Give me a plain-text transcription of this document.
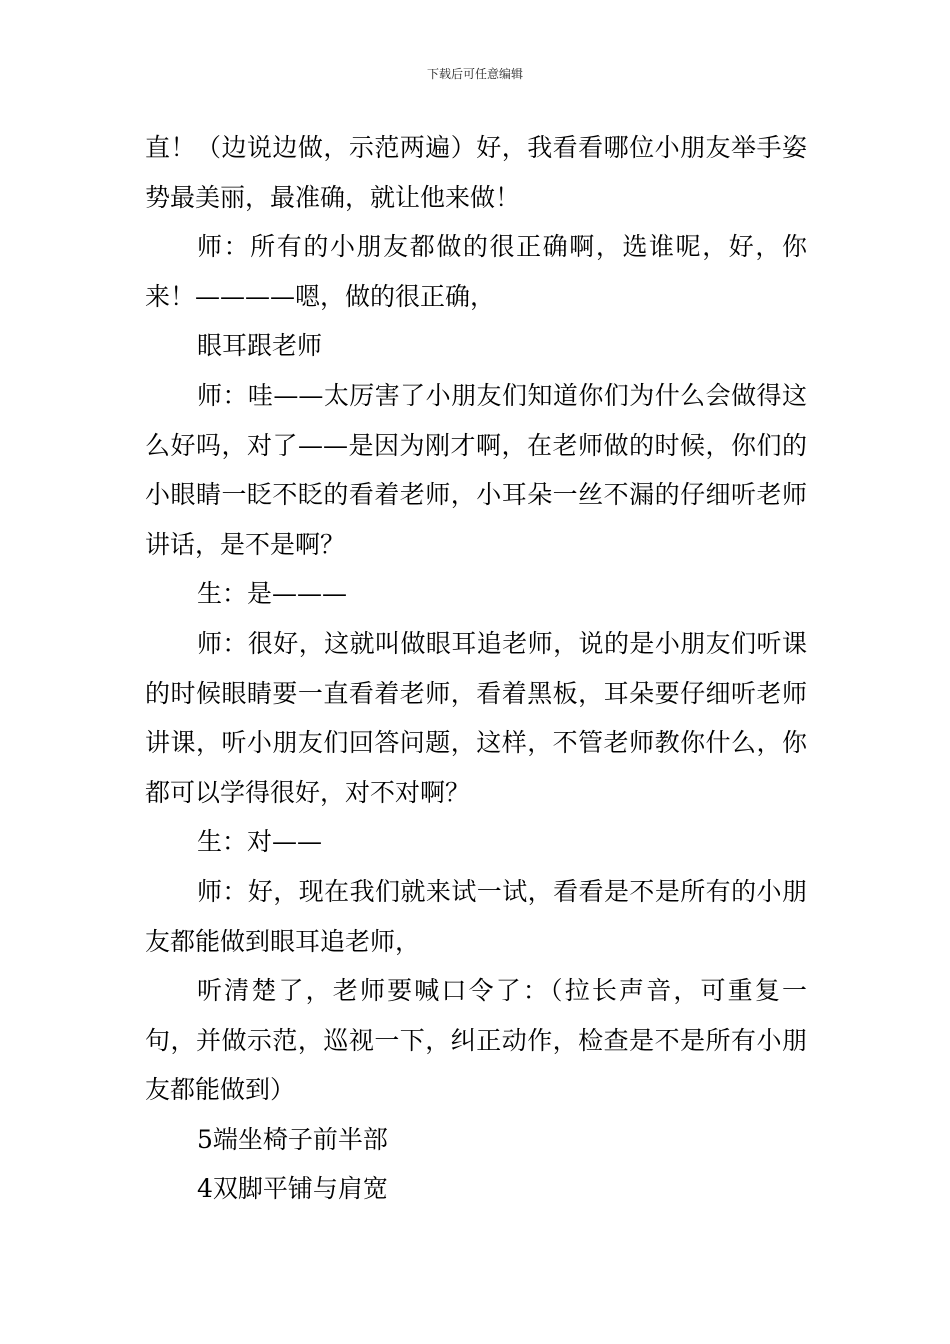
下载后可任意编辑

直！（边说边做，示范两遍）好，我看看哪位小朋友举手姿势最美丽，最准确，就让他来做！

师：所有的小朋友都做的很正确啊，选谁呢，好，你来！————嗯，做的很正确，

眼耳跟老师

师：哇——太厉害了小朋友们知道你们为什么会做得这么好吗，对了——是因为刚才啊，在老师做的时候，你们的小眼睛一眨不眨的看着老师，小耳朵一丝不漏的仔细听老师讲话，是不是啊？

生：是———

师：很好，这就叫做眼耳追老师，说的是小朋友们听课的时候眼睛要一直看着老师，看着黑板，耳朵要仔细听老师讲课，听小朋友们回答问题，这样，不管老师教你什么，你都可以学得很好，对不对啊？

生：对——

师：好，现在我们就来试一试，看看是不是所有的小朋友都能做到眼耳追老师，

听清楚了，老师要喊口令了：（拉长声音，可重复一句，并做示范，巡视一下，纠正动作，检查是不是所有小朋友都能做到）

5端坐椅子前半部

4双脚平铺与肩宽
